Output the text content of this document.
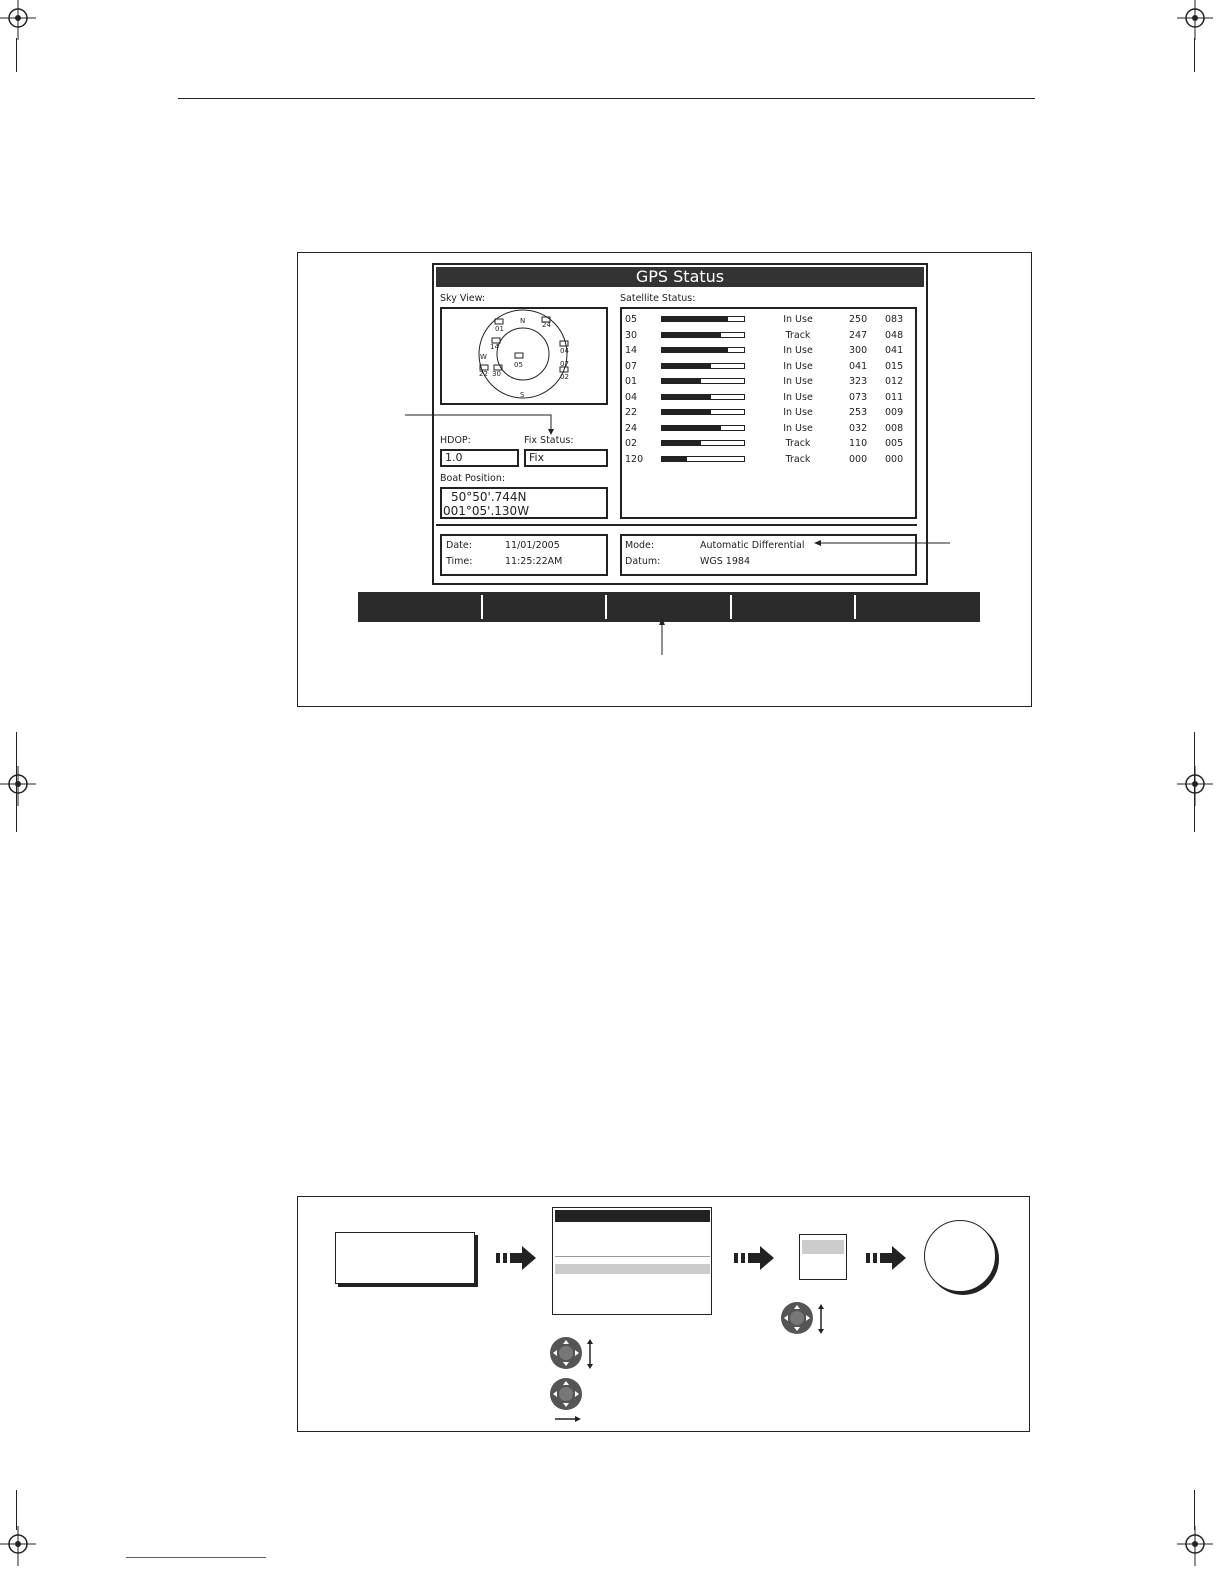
GPS Status
Sky View:
N
S
W
01
14
05
24
04
07
02
22 30
HDOP:
1.0
Fix Status:
Fix
Boat Position:
50°50'.744N
001°05'.130W
Satellite Status:
05	In Use	250 083
30	Track	247 048
14	In Use	300 041
07	In Use	041 015
01	In Use	323 012
04	In Use	073 011
22	In Use	253 009
24	In Use	032 008
02	Track	110 005
120	Track	000 000
Date:	11/01/2005
Time:	11:25:22AM
Mode:	Automatic Differential
Datum:	WGS 1984
